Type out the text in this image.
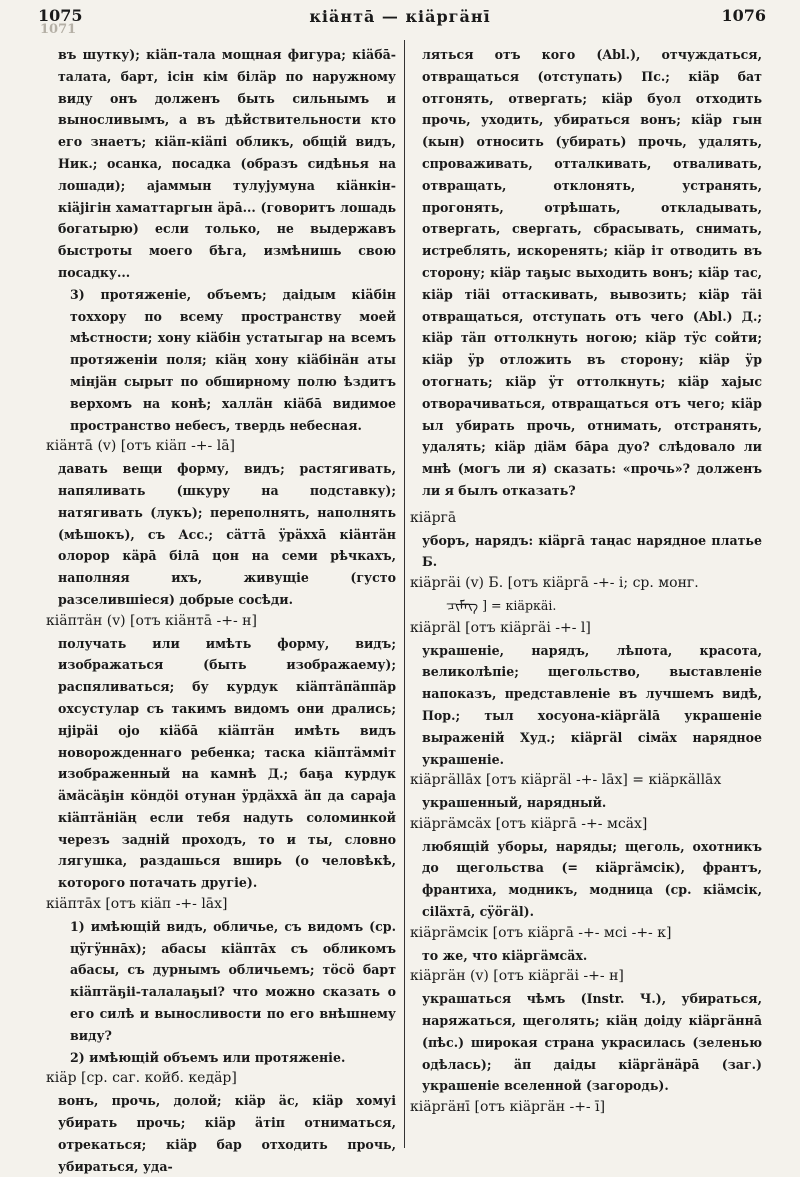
1075
1071
кiäнтā — кiäргäнī	1076

въ шутку); кiäп-тала мощная фигура; кiäбā-талата, барт, iсiн кiм бiлäр по наружному виду онъ долженъ быть сильнымъ и выносливымъ, а въ дѣйствительности кто его знаетъ; кiäп-кiäпi обликъ, общiй видъ, Ник.; осанка, посадка (образъ сидѣнья на лошади); ajаммын тулуjумуна кiäнкiн-кiäjiгiн хаматтаргын äрā... (говоритъ лошадь богатырю) если только, не выдержавъ быстроты моего бѣга, измѣнишь свою посадку...

3) протяженiе, объемъ; даiдым кiäбiн тоххору по всему пространству моей мѣстности; хону кiäбiн устатыгар на всемъ протяженiи поля; кiäң хону кiäбiнäн аты мiнjäн сырыт по обширному полю ѣздитъ верхомъ на конѣ; халлäн кiäбā видимое пространство небесъ, твердь небесная.

кiäнтā (v) [отъ кiäп -+- lā]

давать вещи форму, видъ; растягивать, напяливать (шкуру на подставку); натягивать (лукъ); переполнять, наполнять (мѣшокъ), съ Асс.; сäттā ÿрäххā кiäнтäн олорор кäрā бiлā цон на семи рѣчкахъ, наполняя ихъ, живущiе (густо разселившiеся) добрые сосѣди.

кiäптäн (v) [отъ кiäнтā -+- н]

получать или имѣть форму, видъ; изображаться (быть изображаему); распяливаться; бу курдук кiäптäпäппäр охсустулар съ такимъ видомъ они дрались; нjiрäi оjо кiäбā кiäптäн имѣть видъ новорожденнаго ребенка; таска кiäптäммiт изображенный на камнѣ Д.; баҕа курдук äмäсäҕiн кöндöi отунан ÿрдäххā äп да сараjа кiäптäнiäң если тебя надуть соломинкой черезъ заднiй проходъ, то и ты, словно лягушка, раздашься вширь (о человѣкѣ, которого потачать другiе).

кiäптāх [отъ кiäп -+- lāх]

1) имѣющiй видъ, обличье, съ видомъ (ср. цÿгÿннāх); абасы кiäптāх съ обликомъ абасы, съ дурнымъ обличьемъ; тöсö барт кiäптäҕiі-талалаҕыі? что можно сказать о его силѣ и выносливости по его внѣшнему виду?

2) имѣющiй объемъ или протяженiе.

кiäр [ср. саг. койб. кедäр]

вонъ, прочь, долой; кiäр äс, кiäр хомуi убирать прочь; кiäр äтiп отниматься, отрекаться; кiäр бар отходить прочь, убираться, уда-

ляться отъ кого (Abl.), отчуждаться, отвращаться (отступать) Пс.; кiäр бат отгонять, отвергать; кiäр буол отходить прочь, уходить, убираться вонъ; кiäр гын (кын) относить (убирать) прочь, удалять, спроваживать, отталкивать, отваливать, отвращать, отклонять, устранять, прогонять, отрѣшать, откладывать, отвергать, свергать, сбрасывать, снимать, истреблять, искоренять; кiäр iт отводить въ сторону; кiäр таҕыс выходить вонъ; кiäр тас, кiäр тiäi оттаскивать, вывозить; кiäр тäi отвращаться, отступать отъ чего (Abl.) Д.; кiäр тäп оттолкнуть ногою; кiäр тÿс сойти; кiäр ÿр отложить въ сторону; кiäр ӱр отогнать; кiäр ÿт оттолкнуть; кiäр хаjыс отворачиваться, отвращаться отъ чего; кiäр ыл убирать прочь, отнимать, отстранять, удалять; кiäр дiäм бāра дуо? слѣдовало ли мнѣ (могъ ли я) сказать: «прочь»? долженъ ли я былъ отказать?

кiäргā

уборъ, нарядъ: кiäргā таңас нарядное платье Б.

кiäргäi (v) Б. [отъ кiäргā -+- i; ср. монг.

ᠴᠢᠮᠡᠭ ] = кiäркäi.

кiäргäl [отъ кiäргäi -+- l]

украшенiе, нарядъ, лѣпота, красота, великолѣпiе; щегольство, выставленiе напоказъ, представленiе въ лучшемъ видѣ, Пор.; тыл хосуона-кiäргälā украшенiе выраженiй Худ.; кiäргäl сiмäх нарядное украшенiе.

кiäргällāх [отъ кiäргäl -+- lāх] = кiäркällāх

украшенный, нарядный.

кiäргäмсäх [отъ кiäргā -+- мсäх]

любящiй уборы, наряды; щеголь, охотникъ до щегольства (= кiäргäмсiк), франтъ, франтиха, модникъ, модница (ср. кiäмсiк, сiläхтā, сÿöгäl).

кiäргäмсiк [отъ кiäргā -+- мсi -+- к]

то же, что кiäргäмсäх.

кiäргäн (v) [отъ кiäргäi -+- н]

украшаться чѣмъ (Instr. Ч.), убираться, наряжаться, щеголять; кiäң доiду кiäргäннā (пѣс.) широкая страна украсилась (зеленью одѣлась); äп даiды кiäргäнäрā (заг.) украшенiе вселенной (загородь).

кiäргäнī [отъ кiäргäн -+- ī]
